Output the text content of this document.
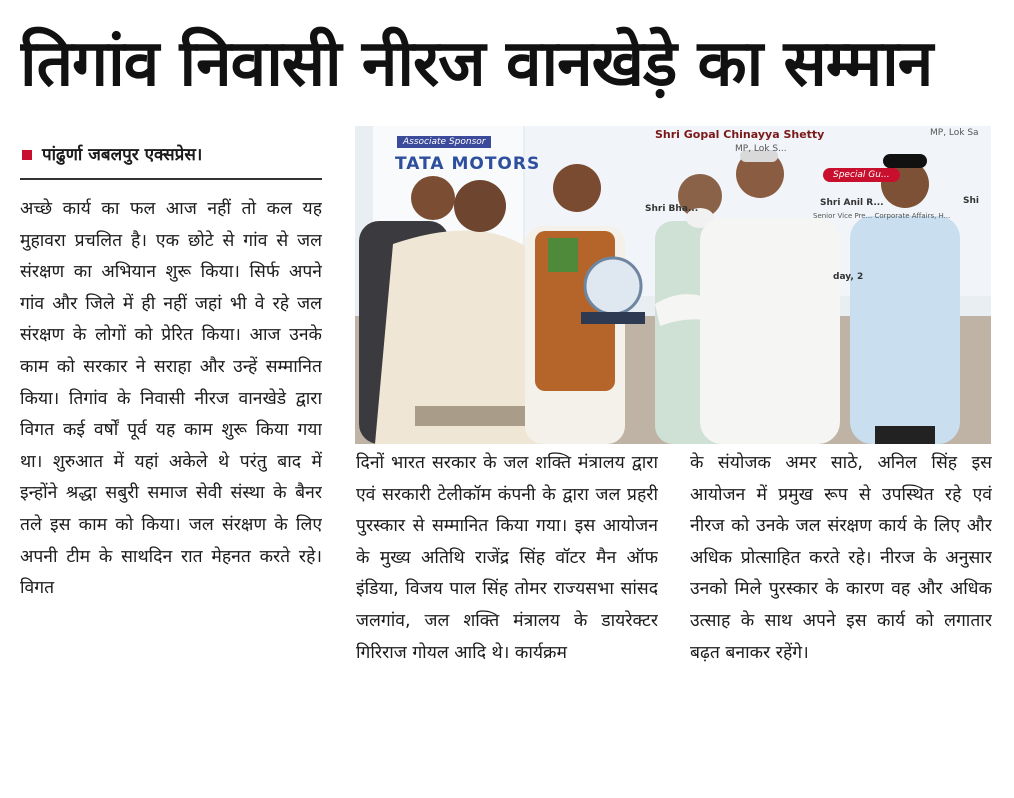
तिगांव निवासी नीरज वानखेड़े का सम्मान
पांढुर्णा जबलपुर एक्सप्रेस।
अच्छे कार्य का फल आज नहीं तो कल यह मुहावरा प्रचलित है। एक छोटे से गांव से जल संरक्षण का अभियान शुरू किया। सिर्फ अपने गांव और जिले में ही नहीं जहां भी वे रहे जल संरक्षण के लोगों को प्रेरित किया। आज उनके काम को सरकार ने सराहा और उन्हें सम्मानित किया। तिगांव के निवासी नीरज वानखेडे द्वारा विगत कई वर्षों पूर्व यह काम शुरू किया गया था। शुरुआत में यहां अकेले थे परंतु बाद में इन्होंने श्रद्धा सबुरी समाज सेवी संस्था के बैनर तले इस काम को किया। जल संरक्षण के लिए अपनी टीम के साथदिन रात मेहनत करते रहे। विगत
दिनों भारत सरकार के जल शक्ति मंत्रालय द्वारा एवं सरकारी टेलीकॉम कंपनी के द्वारा जल प्रहरी पुरस्कार से सम्मानित किया गया। इस आयोजन के मुख्य अतिथि राजेंद्र सिंह वॉटर मैन ऑफ इंडिया, विजय पाल सिंह तोमर राज्यसभा सांसद जलगांव, जल शक्ति मंत्रालय के डायरेक्टर गिरिराज गोयल आदि थे। कार्यक्रम
के संयोजक अमर साठे, अनिल सिंह इस आयोजन में प्रमुख रूप से उपस्थित रहे एवं नीरज को उनके जल संरक्षण कार्य के लिए और अधिक प्रोत्साहित करते रहे। नीरज के अनुसार उनको मिले पुरस्कार के कारण वह और अधिक उत्साह के साथ अपने इस कार्य को लगातार बढ़त बनाकर रहेंगे।
Associate Sponsor
TATA MOTORS
Shri Gopal Chinayya Shetty
MP, Lok S...
MP, Lok Sa
Special Gu...
Shri Bha...
Shri Anil R...
Senior Vice Pre... Corporate Affairs, H...
Shi
day, 2
